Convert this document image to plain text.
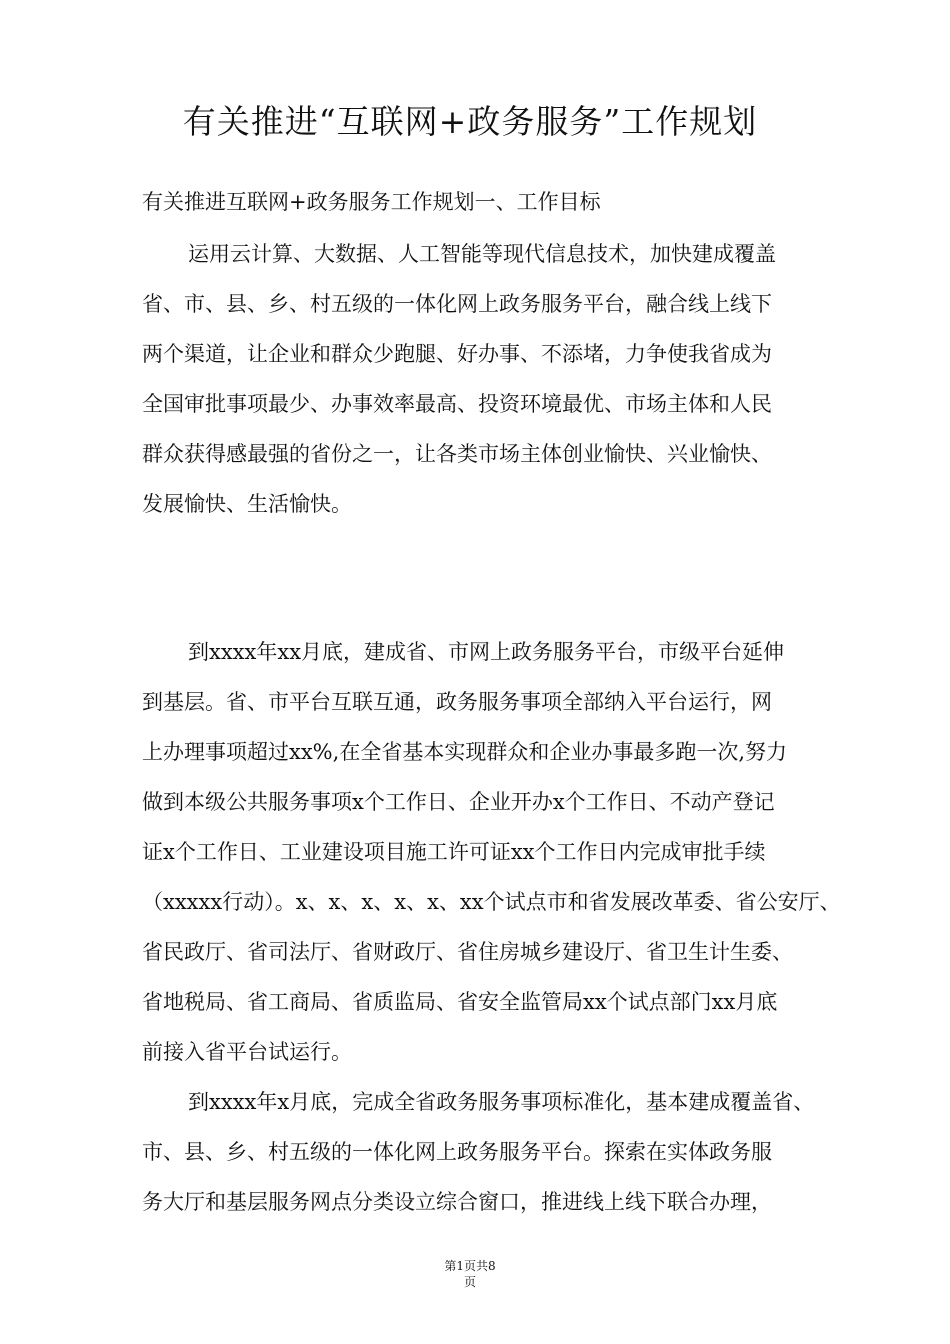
有关推进“互联网+政务服务”工作规划

有关推进互联网+政务服务工作规划一、工作目标

运用云计算、大数据、人工智能等现代信息技术，加快建成覆盖

省、市、县、乡、村五级的一体化网上政务服务平台，融合线上线下

两个渠道，让企业和群众少跑腿、好办事、不添堵，力争使我省成为

全国审批事项最少、办事效率最高、投资环境最优、市场主体和人民

群众获得感最强的省份之一，让各类市场主体创业愉快、兴业愉快、

发展愉快、生活愉快。

到xxxx年xx月底，建成省、市网上政务服务平台，市级平台延伸

到基层。省、市平台互联互通，政务服务事项全部纳入平台运行，网

上办理事项超过xx%,在全省基本实现群众和企业办事最多跑一次,努力

做到本级公共服务事项x个工作日、企业开办x个工作日、不动产登记

证x个工作日、工业建设项目施工许可证xx个工作日内完成审批手续

（xxxxx行动）。x、x、x、x、x、xx个试点市和省发展改革委、省公安厅、

省民政厅、省司法厅、省财政厅、省住房城乡建设厅、省卫生计生委、

省地税局、省工商局、省质监局、省安全监管局xx个试点部门xx月底

前接入省平台试运行。

到xxxx年x月底，完成全省政务服务事项标准化，基本建成覆盖省、

市、县、乡、村五级的一体化网上政务服务平台。探索在实体政务服

务大厅和基层服务网点分类设立综合窗口，推进线上线下联合办理，

第1页共8
页
